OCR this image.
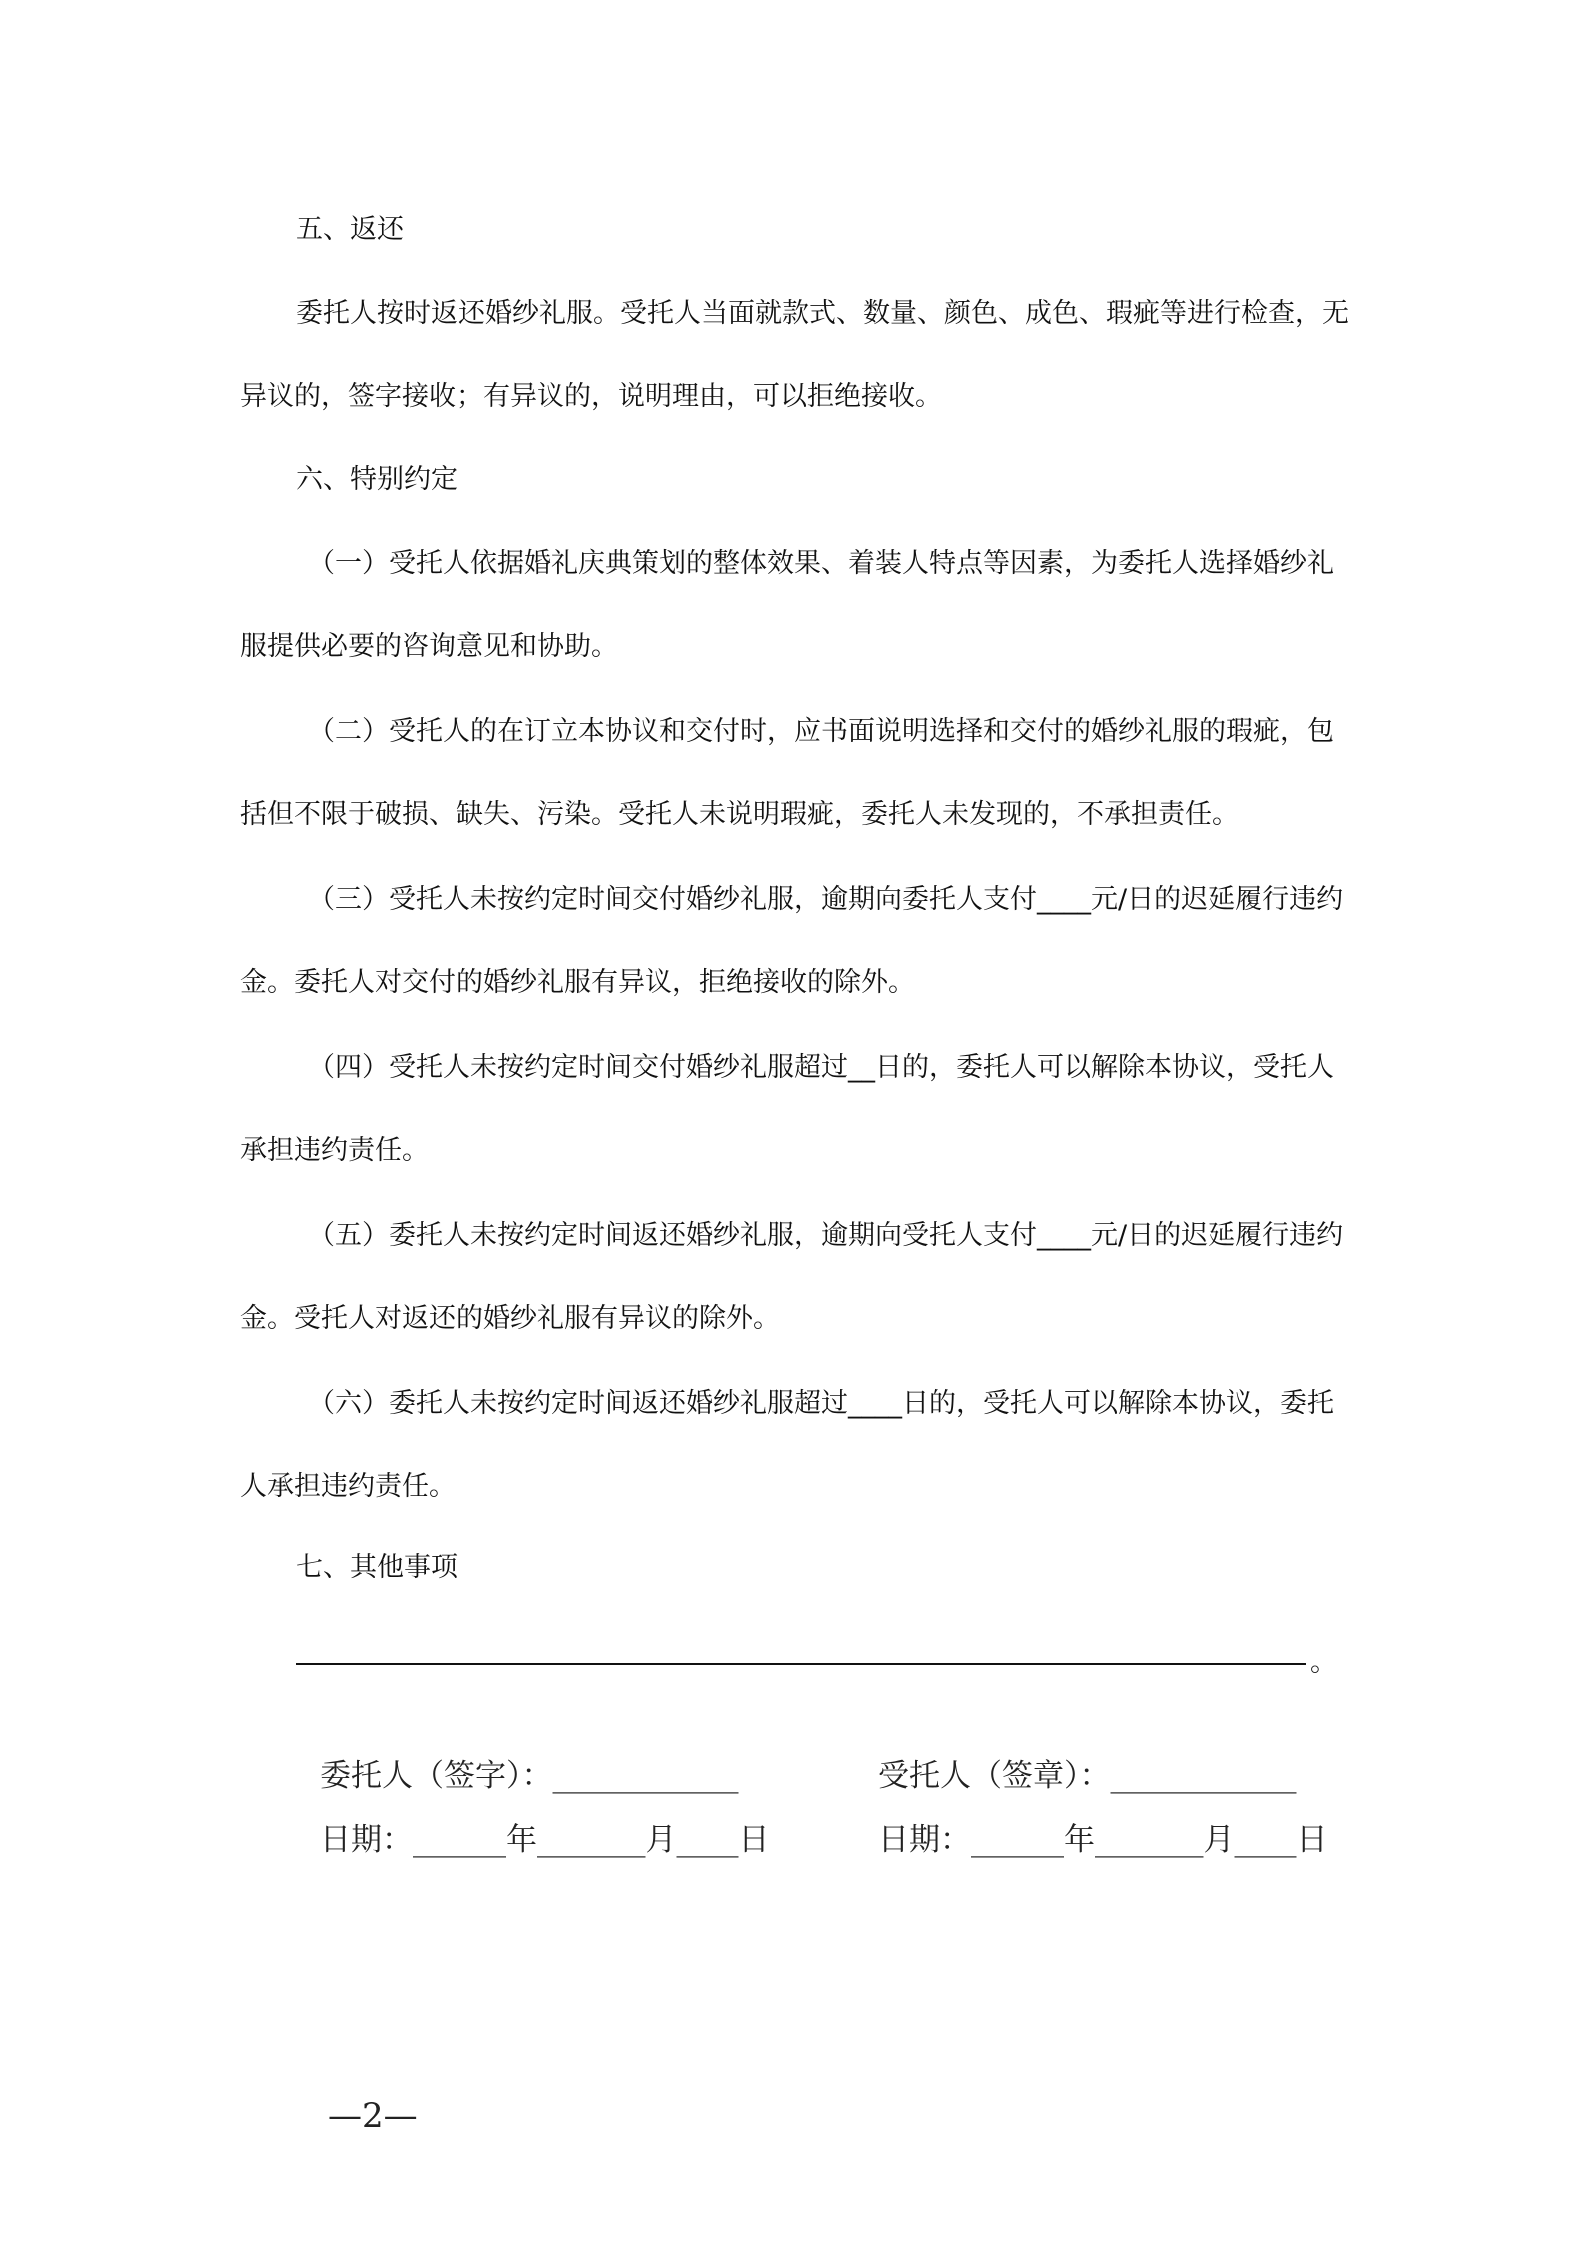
五、返还

委托人按时返还婚纱礼服。受托人当面就款式、数量、颜色、成色、瑕疵等进行检查，无异议的，签字接收；有异议的，说明理由，可以拒绝接收。

六、特别约定

（一）受托人依据婚礼庆典策划的整体效果、着装人特点等因素，为委托人选择婚纱礼服提供必要的咨询意见和协助。

（二）受托人的在订立本协议和交付时，应书面说明选择和交付的婚纱礼服的瑕疵，包括但不限于破损、缺失、污染。受托人未说明瑕疵，委托人未发现的，不承担责任。

（三）受托人未按约定时间交付婚纱礼服，逾期向委托人支付____元/日的迟延履行违约金。委托人对交付的婚纱礼服有异议，拒绝接收的除外。

（四）受托人未按约定时间交付婚纱礼服超过__日的，委托人可以解除本协议，受托人承担违约责任。

（五）委托人未按约定时间返还婚纱礼服，逾期向受托人支付____元/日的迟延履行违约金。受托人对返还的婚纱礼服有异议的除外。

（六）委托人未按约定时间返还婚纱礼服超过____日的，受托人可以解除本协议，委托人承担违约责任。

七、其他事项

。
委托人（签字）：____________	受托人（签章）：____________
日期：______年_______月____日	日期：______年_______月____日
—2—
